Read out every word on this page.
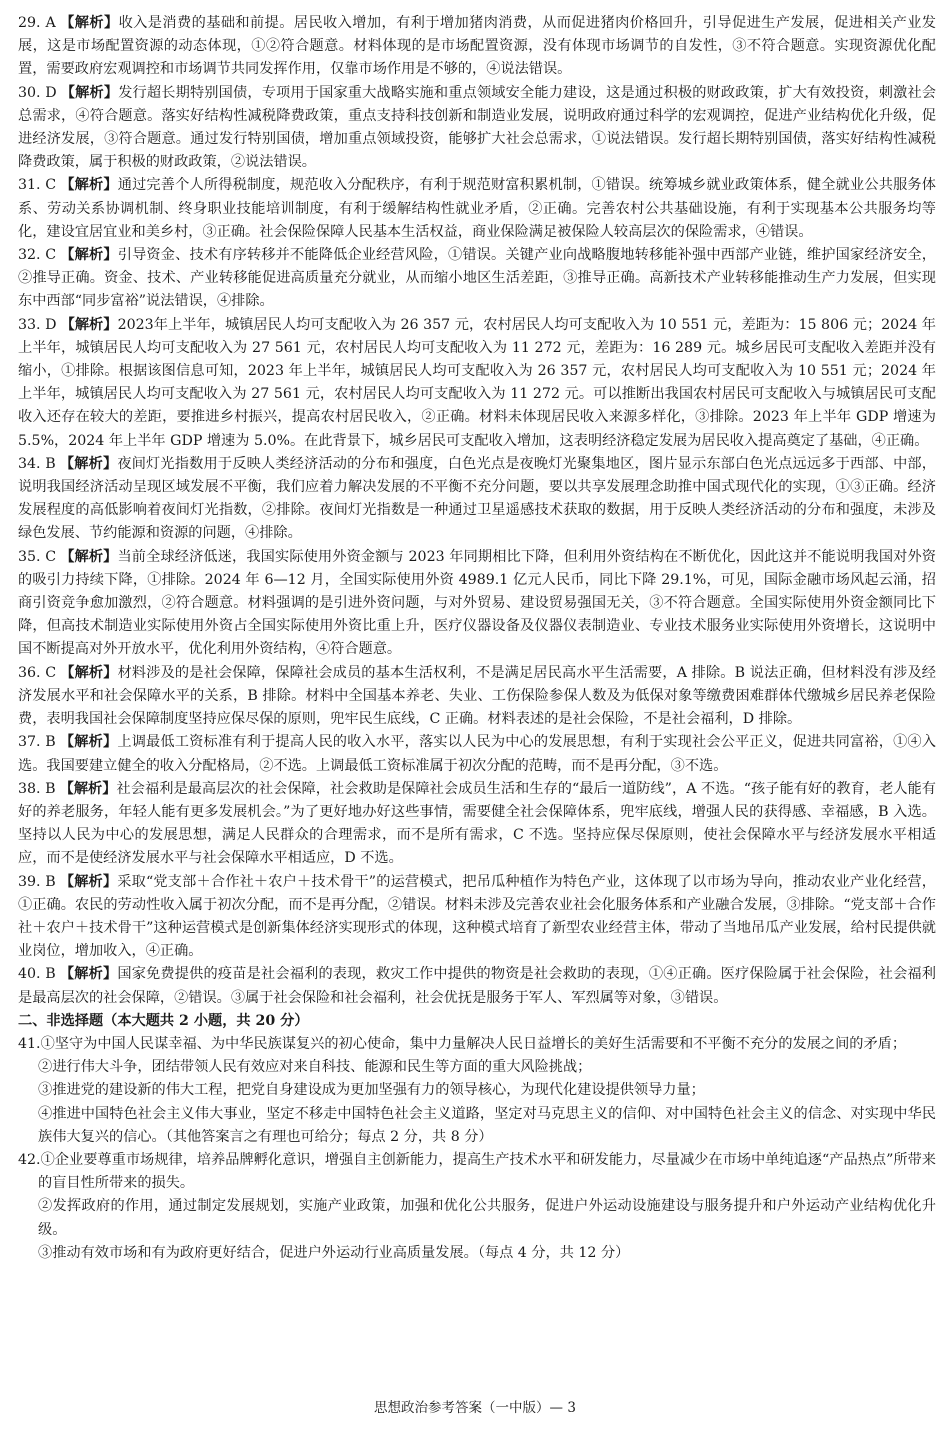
29. A 【解析】收入是消费的基础和前提。居民收入增加，有利于增加猪肉消费，从而促进猪肉价格回升，引导促进生产发展，促进相关产业发展，这是市场配置资源的动态体现，①②符合题意。材料体现的是市场配置资源，没有体现市场调节的自发性，③不符合题意。实现资源优化配置，需要政府宏观调控和市场调节共同发挥作用，仅靠市场作用是不够的，④说法错误。

30. D 【解析】发行超长期特别国债，专项用于国家重大战略实施和重点领域安全能力建设，这是通过积极的财政政策，扩大有效投资，刺激社会总需求，④符合题意。落实好结构性减税降费政策，重点支持科技创新和制造业发展，说明政府通过科学的宏观调控，促进产业结构优化升级，促进经济发展，③符合题意。通过发行特别国债，增加重点领域投资，能够扩大社会总需求，①说法错误。发行超长期特别国债，落实好结构性减税降费政策，属于积极的财政政策，②说法错误。

31. C 【解析】通过完善个人所得税制度，规范收入分配秩序，有利于规范财富积累机制，①错误。统筹城乡就业政策体系，健全就业公共服务体系、劳动关系协调机制、终身职业技能培训制度，有利于缓解结构性就业矛盾，②正确。完善农村公共基础设施，有利于实现基本公共服务均等化，建设宜居宜业和美乡村，③正确。社会保险保障人民基本生活权益，商业保险满足被保险人较高层次的保险需求，④错误。

32. C 【解析】引导资金、技术有序转移并不能降低企业经营风险，①错误。关键产业向战略腹地转移能补强中西部产业链，维护国家经济安全，②推导正确。资金、技术、产业转移能促进高质量充分就业，从而缩小地区生活差距，③推导正确。高新技术产业转移能推动生产力发展，但实现东中西部“同步富裕”说法错误，④排除。

33. D 【解析】2023年上半年，城镇居民人均可支配收入为 26 357 元，农村居民人均可支配收入为 10 551 元，差距为：15 806 元；2024 年上半年，城镇居民人均可支配收入为 27 561 元，农村居民人均可支配收入为 11 272 元，差距为：16 289 元。城乡居民可支配收入差距并没有缩小，①排除。根据该图信息可知，2023 年上半年，城镇居民人均可支配收入为 26 357 元，农村居民人均可支配收入为 10 551 元；2024 年上半年，城镇居民人均可支配收入为 27 561 元，农村居民人均可支配收入为 11 272 元。可以推断出我国农村居民可支配收入与城镇居民可支配收入还存在较大的差距，要推进乡村振兴，提高农村居民收入，②正确。材料未体现居民收入来源多样化，③排除。2023 年上半年 GDP 增速为 5.5%，2024 年上半年 GDP 增速为 5.0%。在此背景下，城乡居民可支配收入增加，这表明经济稳定发展为居民收入提高奠定了基础，④正确。

34. B 【解析】夜间灯光指数用于反映人类经济活动的分布和强度，白色光点是夜晚灯光聚集地区，图片显示东部白色光点远远多于西部、中部，说明我国经济活动呈现区域发展不平衡，我们应着力解决发展的不平衡不充分问题，要以共享发展理念助推中国式现代化的实现，①③正确。经济发展程度的高低影响着夜间灯光指数，②排除。夜间灯光指数是一种通过卫星遥感技术获取的数据，用于反映人类经济活动的分布和强度，未涉及绿色发展、节约能源和资源的问题，④排除。

35. C 【解析】当前全球经济低迷，我国实际使用外资金额与 2023 年同期相比下降，但利用外资结构在不断优化，因此这并不能说明我国对外资的吸引力持续下降，①排除。2024 年 6—12 月，全国实际使用外资 4989.1 亿元人民币，同比下降 29.1%，可见，国际金融市场风起云涌，招商引资竞争愈加激烈，②符合题意。材料强调的是引进外资问题，与对外贸易、建设贸易强国无关，③不符合题意。全国实际使用外资金额同比下降，但高技术制造业实际使用外资占全国实际使用外资比重上升，医疗仪器设备及仪器仪表制造业、专业技术服务业实际使用外资增长，这说明中国不断提高对外开放水平，优化利用外资结构，④符合题意。

36. C 【解析】材料涉及的是社会保障，保障社会成员的基本生活权利，不是满足居民高水平生活需要，A 排除。B 说法正确，但材料没有涉及经济发展水平和社会保障水平的关系，B 排除。材料中全国基本养老、失业、工伤保险参保人数及为低保对象等缴费困难群体代缴城乡居民养老保险费，表明我国社会保障制度坚持应保尽保的原则，兜牢民生底线，C 正确。材料表述的是社会保险，不是社会福利，D 排除。

37. B 【解析】上调最低工资标准有利于提高人民的收入水平，落实以人民为中心的发展思想，有利于实现社会公平正义，促进共同富裕，①④入选。我国要建立健全的收入分配格局，②不选。上调最低工资标准属于初次分配的范畴，而不是再分配，③不选。

38. B 【解析】社会福利是最高层次的社会保障，社会救助是保障社会成员生活和生存的“最后一道防线”，A 不选。“孩子能有好的教育，老人能有好的养老服务，年轻人能有更多发展机会。”为了更好地办好这些事情，需要健全社会保障体系，兜牢底线，增强人民的获得感、幸福感，B 入选。坚持以人民为中心的发展思想，满足人民群众的合理需求，而不是所有需求，C 不选。坚持应保尽保原则，使社会保障水平与经济发展水平相适应，而不是使经济发展水平与社会保障水平相适应，D 不选。

39. B 【解析】采取“党支部＋合作社＋农户＋技术骨干”的运营模式，把吊瓜种植作为特色产业，这体现了以市场为导向，推动农业产业化经营，①正确。农民的劳动性收入属于初次分配，而不是再分配，②错误。材料未涉及完善农业社会化服务体系和产业融合发展，③排除。“党支部＋合作社＋农户＋技术骨干”这种运营模式是创新集体经济实现形式的体现，这种模式培育了新型农业经营主体，带动了当地吊瓜产业发展，给村民提供就业岗位，增加收入，④正确。

40. B 【解析】国家免费提供的疫苗是社会福利的表现，救灾工作中提供的物资是社会救助的表现，①④正确。医疗保险属于社会保险，社会福利是最高层次的社会保障，②错误。③属于社会保险和社会福利，社会优抚是服务于军人、军烈属等对象，③错误。

二、非选择题（本大题共 2 小题，共 20 分）

41.①坚守为中国人民谋幸福、为中华民族谋复兴的初心使命，集中力量解决人民日益增长的美好生活需要和不平衡不充分的发展之间的矛盾；
②进行伟大斗争，团结带领人民有效应对来自科技、能源和民生等方面的重大风险挑战；
③推进党的建设新的伟大工程，把党自身建设成为更加坚强有力的领导核心，为现代化建设提供领导力量；
④推进中国特色社会主义伟大事业，坚定不移走中国特色社会主义道路，坚定对马克思主义的信仰、对中国特色社会主义的信念、对实现中华民族伟大复兴的信心。（其他答案言之有理也可给分；每点 2 分，共 8 分）
42.①企业要尊重市场规律，培养品牌孵化意识，增强自主创新能力，提高生产技术水平和研发能力，尽量减少在市场中单纯追逐“产品热点”所带来的盲目性所带来的损失。
②发挥政府的作用，通过制定发展规划，实施产业政策，加强和优化公共服务，促进户外运动设施建设与服务提升和户外运动产业结构优化升级。
③推动有效市场和有为政府更好结合，促进户外运动行业高质量发展。（每点 4 分，共 12 分）
思想政治参考答案（一中版）— 3
